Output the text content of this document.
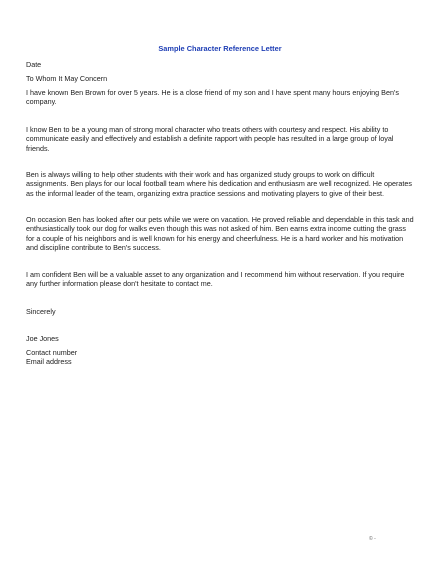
Sample Character Reference Letter
Date
To Whom It May Concern
I have known Ben Brown for over 5 years. He is a close friend of my son and I have spent many hours enjoying Ben's company.
I know Ben to be a young man of strong moral character who treats others with courtesy and respect. His ability to communicate easily and effectively and establish a definite rapport with people has resulted in a large group of loyal friends.
Ben is always willing to help other students with their work and has organized study groups to work on difficult assignments. Ben plays for our local football team where his dedication and enthusiasm are well recognized. He operates as the informal leader of the team, organizing extra practice sessions and motivating players to give of their best.
On occasion Ben has looked after our pets while we were on vacation. He proved reliable and dependable in this task and enthusiastically took our dog for walks even though this was not asked of him. Ben earns extra income cutting the grass for a couple of his neighbors and is well known for his energy and cheerfulness. He is a hard worker and his motivation and discipline contribute to Ben's success.
I am confident Ben will be a valuable asset to any organization and I recommend him without reservation. If you require any further information please don't hesitate to contact me.
Sincerely
Joe Jones
Contact number
Email address
© -
